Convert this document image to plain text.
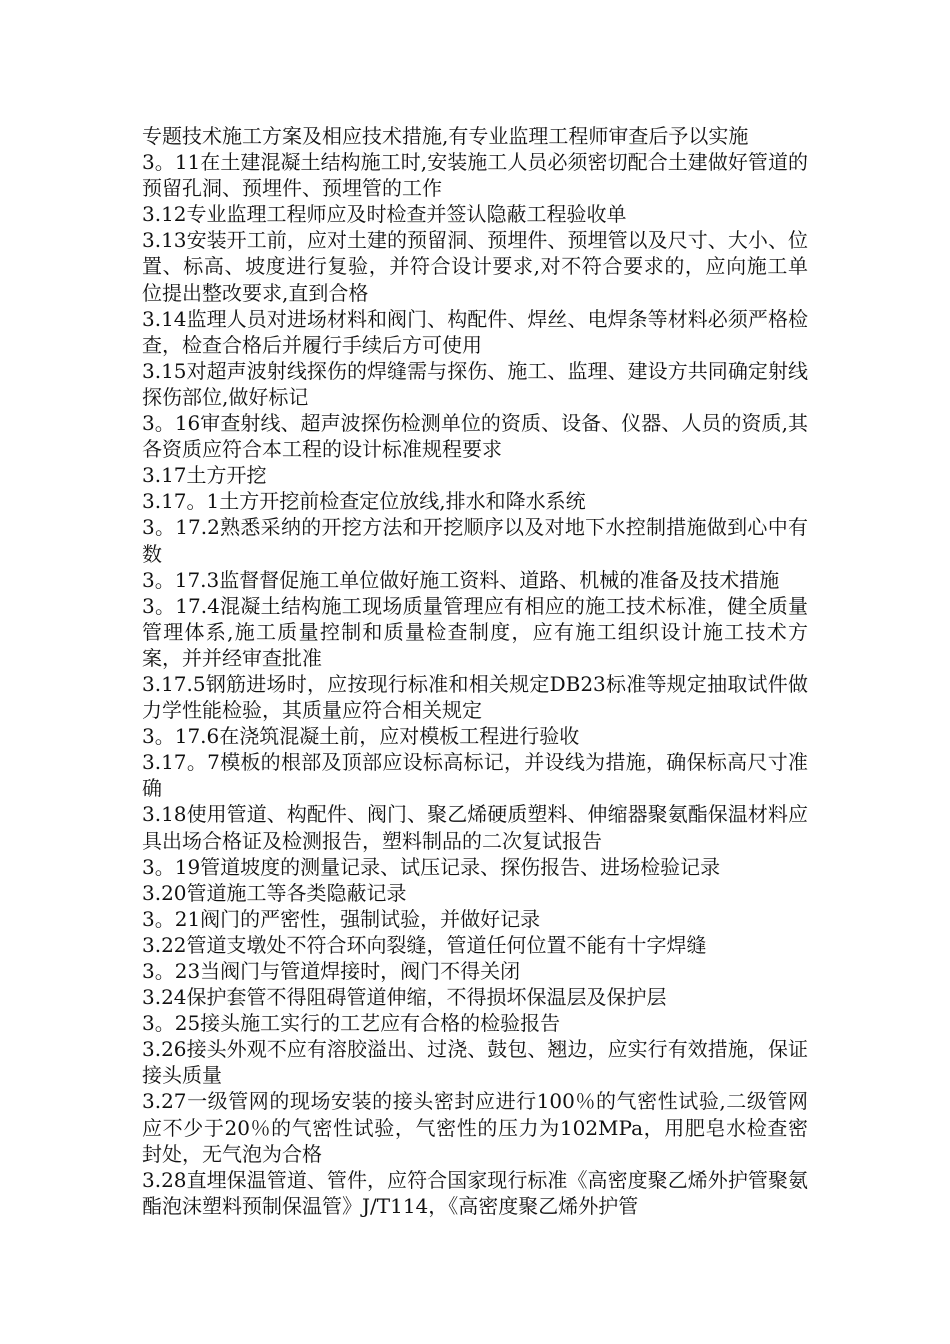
专题技术施工方案及相应技术措施,有专业监理工程师审查后予以实施

3。11在土建混凝土结构施工时,安装施工人员必须密切配合土建做好管道的预留孔洞、预埋件、预埋管的工作

3.12专业监理工程师应及时检查并签认隐蔽工程验收单

3.13安装开工前，应对土建的预留洞、预埋件、预埋管以及尺寸、大小、位置、标高、坡度进行复验，并符合设计要求,对不符合要求的，应向施工单位提出整改要求,直到合格

3.14监理人员对进场材料和阀门、构配件、焊丝、电焊条等材料必须严格检查，检查合格后并履行手续后方可使用

3.15对超声波射线探伤的焊缝需与探伤、施工、监理、建设方共同确定射线探伤部位,做好标记

3。16审查射线、超声波探伤检测单位的资质、设备、仪器、人员的资质,其各资质应符合本工程的设计标准规程要求

3.17土方开挖

3.17。1土方开挖前检查定位放线,排水和降水系统

3。17.2熟悉采纳的开挖方法和开挖顺序以及对地下水控制措施做到心中有数

3。17.3监督督促施工单位做好施工资料、道路、机械的准备及技术措施

3。17.4混凝土结构施工现场质量管理应有相应的施工技术标准，健全质量管理体系,施工质量控制和质量检查制度，应有施工组织设计施工技术方案，并并经审查批准

3.17.5钢筋进场时，应按现行标准和相关规定DB23标准等规定抽取试件做力学性能检验，其质量应符合相关规定

3。17.6在浇筑混凝土前，应对模板工程进行验收

3.17。7模板的根部及顶部应设标高标记，并设线为措施，确保标高尺寸准确

3.18使用管道、构配件、阀门、聚乙烯硬质塑料、伸缩器聚氨酯保温材料应具出场合格证及检测报告，塑料制品的二次复试报告

3。19管道坡度的测量记录、试压记录、探伤报告、进场检验记录

3.20管道施工等各类隐蔽记录

3。21阀门的严密性，强制试验，并做好记录

3.22管道支墩处不符合环向裂缝，管道任何位置不能有十字焊缝

3。23当阀门与管道焊接时，阀门不得关闭

3.24保护套管不得阻碍管道伸缩，不得损坏保温层及保护层

3。25接头施工实行的工艺应有合格的检验报告

3.26接头外观不应有溶胶溢出、过浇、鼓包、翘边，应实行有效措施，保证接头质量

3.27一级管网的现场安装的接头密封应进行100％的气密性试验,二级管网应不少于20％的气密性试验，气密性的压力为102MPa，用肥皂水检查密封处，无气泡为合格

3.28直埋保温管道、管件，应符合国家现行标准《高密度聚乙烯外护管聚氨酯泡沫塑料预制保温管》J/T114，《高密度聚乙烯外护管
